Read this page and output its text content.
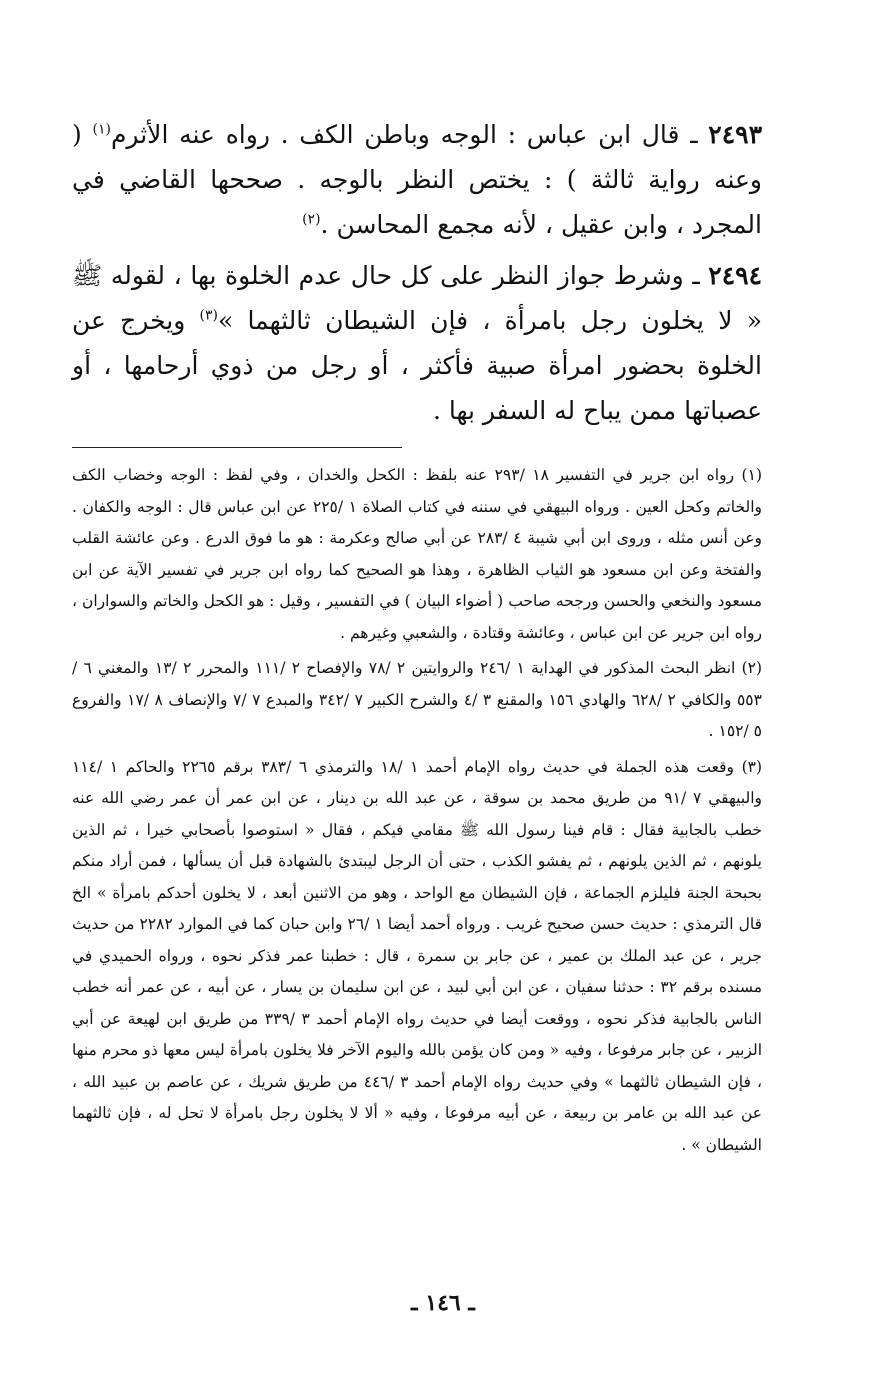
٢٤٩٣ ـ قال ابن عباس : الوجه وباطن الكف . رواه عنه الأثرم$^{(١)}$ ( وعنه رواية ثالثة ) : يختص النظر بالوجه . صححها القاضي في المجرد ، وابن عقيل ، لأنه مجمع المحاسن .$^{(٢)}$

٢٤٩٤ ـ وشرط جواز النظر على كل حال عدم الخلوة بها ، لقوله ﷺ « لا يخلون رجل بامرأة ، فإن الشيطان ثالثهما »$^{(٣)}$ ويخرج عن الخلوة بحضور امرأة صبية فأكثر ، أو رجل من ذوي أرحامها ، أو عصباتها ممن يباح له السفر بها .

(١) رواه ابن جرير في التفسير ١٨ /٢٩٣ عنه بلفظ : الكحل والخدان ، وفي لفظ : الوجه وخضاب الكف والخاتم وكحل العين . ورواه البيهقي في سننه في كتاب الصلاة ١ /٢٢٥ عن ابن عباس قال : الوجه والكفان . وعن أنس مثله ، وروى ابن أبي شيبة ٤ /٢٨٣ عن أبي صالح وعكرمة : هو ما فوق الدرع . وعن عائشة القلب والفتخة وعن ابن مسعود هو الثياب الظاهرة ، وهذا هو الصحيح كما رواه ابن جرير في تفسير الآية عن ابن مسعود والنخعي والحسن ورجحه صاحب ( أضواء البيان ) في التفسير ، وقيل : هو الكحل والخاتم والسواران ، رواه ابن جرير عن ابن عباس ، وعائشة وقتادة ، والشعبي وغيرهم .

(٢) انظر البحث المذكور في الهداية ١ /٢٤٦ والروايتين ٢ /٧٨ والإفصاح ٢ /١١١ والمحرر ٢ /١٣ والمغني ٦ /٥٥٣ والكافي ٢ /٦٢٨ والهادي ١٥٦ والمقنع ٣ /٤ والشرح الكبير ٧ /٣٤٢ والمبدع ٧ /٧ والإنصاف ٨ /١٧ والفروع ٥ /١٥٢ .

(٣) وقعت هذه الجملة في حديث رواه الإمام أحمد ١ /١٨ والترمذي ٦ /٣٨٣ برقم ٢٢٦٥ والحاكم ١ /١١٤ والبيهقي ٧ /٩١ من طريق محمد بن سوقة ، عن عبد الله بن دينار ، عن ابن عمر أن عمر رضي الله عنه خطب بالجابية فقال : قام فينا رسول الله ﷺ مقامي فيكم ، فقال « استوصوا بأصحابي خيرا ، ثم الذين يلونهم ، ثم الذين يلونهم ، ثم يفشو الكذب ، حتى أن الرجل ليبتدئ بالشهادة قبل أن يسألها ، فمن أراد منكم بحبحة الجنة فليلزم الجماعة ، فإن الشيطان مع الواحد ، وهو من الاثنين أبعد ، لا يخلون أحدكم بامرأة » الخ قال الترمذي : حديث حسن صحيح غريب . ورواه أحمد أيضا ١ /٢٦ وابن حبان كما في الموارد ٢٢٨٢ من حديث جرير ، عن عبد الملك بن عمير ، عن جابر بن سمرة ، قال : خطبنا عمر فذكر نحوه ، ورواه الحميدي في مسنده برقم ٣٢ : حدثنا سفيان ، عن ابن أبي لبيد ، عن ابن سليمان بن يسار ، عن أبيه ، عن عمر أنه خطب الناس بالجابية فذكر نحوه ، ووقعت أيضا في حديث رواه الإمام أحمد ٣ /٣٣٩ من طريق ابن لهيعة عن أبي الزبير ، عن جابر مرفوعا ، وفيه « ومن كان يؤمن بالله واليوم الآخر فلا يخلون بامرأة ليس معها ذو محرم منها ، فإن الشيطان ثالثهما » وفي حديث رواه الإمام أحمد ٣ /٤٤٦ من طريق شريك ، عن عاصم بن عبيد الله ، عن عبد الله بن عامر بن ربيعة ، عن أبيه مرفوعا ، وفيه « ألا لا يخلون رجل بامرأة لا تحل له ، فإن ثالثهما الشيطان » .

ـ ١٤٦ ـ
